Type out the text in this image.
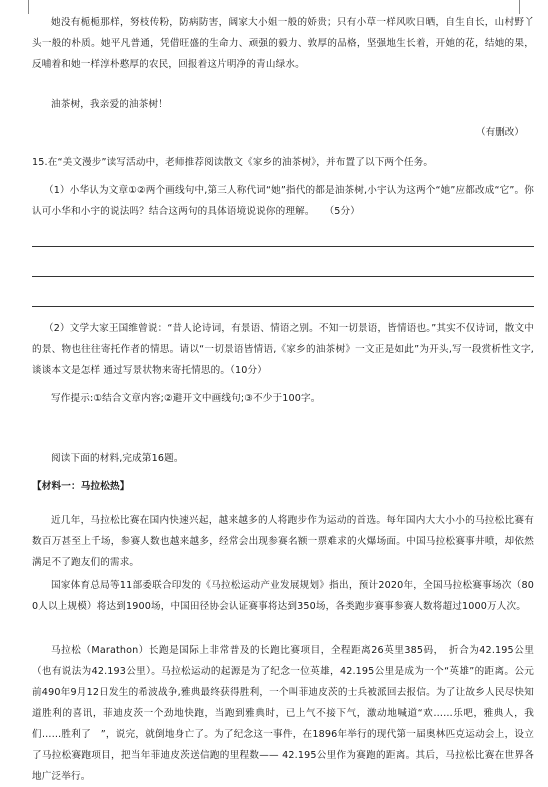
她没有栀栀那样，努枝传粉，防病防害，阔家大小姐一般的娇贵；只有小草一样风吹日晒，自生自长，山村野丫头一般的朴质。她平凡普通，凭借旺盛的生命力、顽强的毅力、敦厚的品格，坚强地生长着，开她的花，结她的果，反哺着和她一样淳朴憨厚的农民，回报着这片明净的青山绿水。

油茶树，我亲爱的油茶树！

（有删改）

15.在“美文漫步”读写活动中，老师推荐阅读散文《家乡的油茶树》，并布置了以下两个任务。

（1）小华认为文章①②两个画线句中,第三人称代词“她”指代的都是油茶树,小宇认为这两个“她”应都改成“它”。你认可小华和小宇的说法吗？结合这两句的具体语境说说你的理解。　　（5分）

（2）文学大家王国维曾说：“昔人论诗词，有景语、情语之别。不知一切景语，皆情语也。”其实不仅诗词，散文中的景、物也往往寄托作者的情思。请以“一切景语皆情语,《家乡的油茶树》一文正是如此”为开头,写一段赏析性文字,谈谈本文是怎样 通过写景状物来寄托情思的。（10分）

写作提示:①结合文章内容;②避开文中画线句;③不少于100字。

阅读下面的材料,完成第16题。

【材料一：马拉松热】

近几年，马拉松比赛在国内快速兴起，越来越多的人将跑步作为运动的首选。每年国内大大小小的马拉松比赛有数百万甚至上千场，参赛人数也越来越多，经常会出现参赛名额一票难求的火爆场面。中国马拉松赛事井喷，却依然满足不了跑友们的需求。

国家体育总局等11部委联合印发的《马拉松运动产业发展规划》指出，预计2020年，全国马拉松赛事场次（800人以上规模）将达到1900场，中国田径协会认证赛事将达到350场，各类跑步赛事参赛人数将超过1000万人次。

马拉松（Marathon）长跑是国际上非常普及的长跑比赛项目，全程距离26英里385码，　折合为42.195公里（也有说法为42.193公里）。马拉松运动的起源是为了纪念一位英雄，42.195公里是成为一个“英雄”的距离。公元前490年9月12日发生的希波战争,雅典最终获得胜利，一个叫菲迪皮茨的士兵被派回去报信。为了让故乡人民尽快知道胜利的喜讯，菲迪皮茨一个劲地快跑，当跑到雅典时，已上气不接下气，激动地喊道“欢……乐吧，雅典人，我们……胜利了　”，说完，就倒地身亡了。为了纪念这一事件，在1896年举行的现代第一届奥林匹克运动会上，设立了马拉松赛跑项目，把当年菲迪皮茨送信跑的里程数—— 42.195公里作为赛跑的距离。其后，马拉松比赛在世界各地广泛举行。
